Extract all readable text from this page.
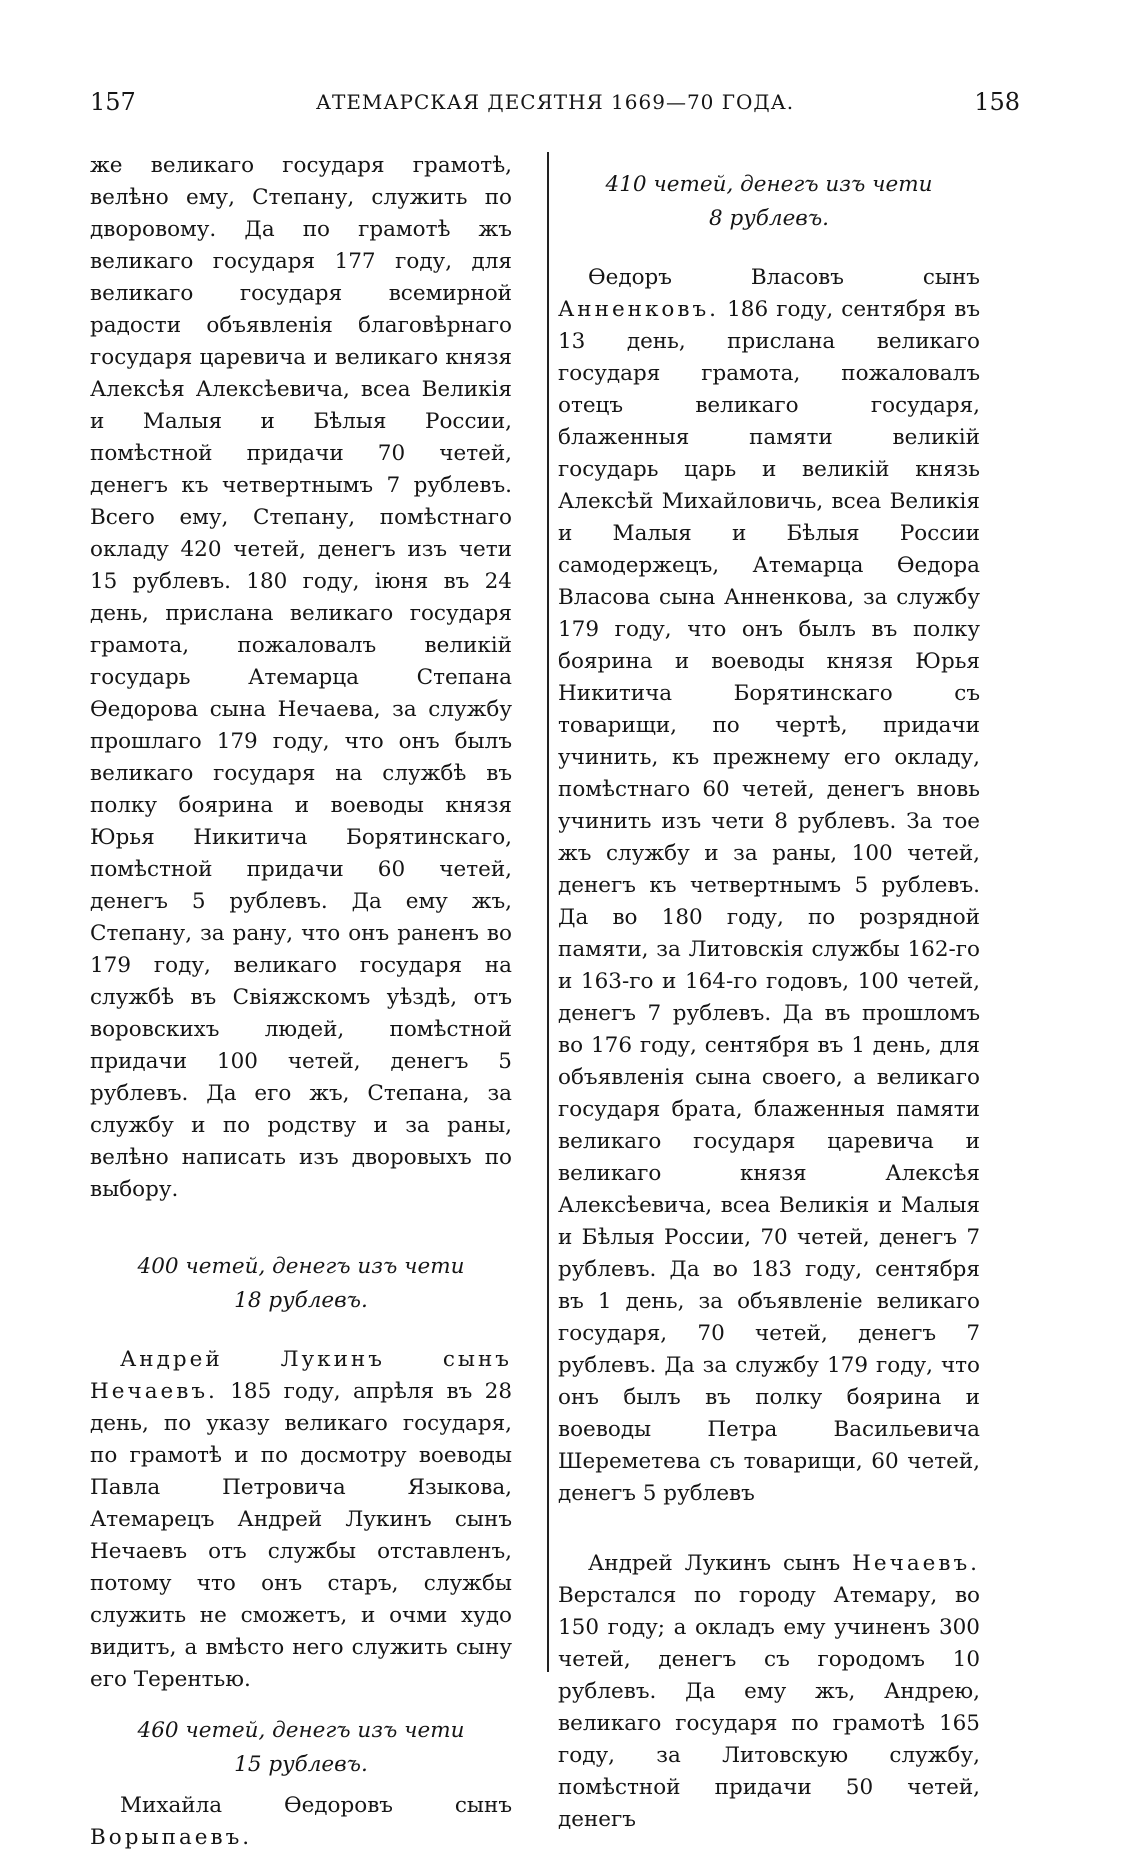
157	АТЕМАРСКАЯ ДЕСЯТНЯ 1669—70 ГОДА.	158

же великаго государя грамотѣ, велѣно ему, Степану, служить по дворовому. Да по грамотѣ жъ великаго государя 177 году, для великаго государя всемирной радости объявленія благовѣрнаго государя царевича и великаго князя Алексѣя Алексѣевича, всеа Великія и Малыя и Бѣлыя России, помѣстной придачи 70 четей, денегъ къ четвертнымъ 7 рублевъ. Всего ему, Степану, помѣстнаго окладу 420 четей, денегъ изъ чети 15 рублевъ. 180 году, іюня въ 24 день, прислана великаго государя грамота, пожаловалъ великій государь Атемарца Степана Ѳедорова сына Нечаева, за службу прошлаго 179 году, что онъ былъ великаго государя на службѣ въ полку боярина и воеводы князя Юрья Никитича Борятинскаго, помѣстной придачи 60 четей, денегъ 5 рублевъ. Да ему жъ, Степану, за рану, что онъ раненъ во 179 году, великаго государя на службѣ въ Свіяжскомъ уѣздѣ, отъ воровскихъ людей, помѣстной придачи 100 четей, денегъ 5 рублевъ. Да его жъ, Степана, за службу и по родству и за раны, велѣно написать изъ дворовыхъ по выбору.

400 четей, денегъ изъ чети 18 рублевъ.

Андрей Лукинъ сынъ Нечаевъ. 185 году, апрѣля въ 28 день, по указу великаго государя, по грамотѣ и по досмотру воеводы Павла Петровича Языкова, Атемарецъ Андрей Лукинъ сынъ Нечаевъ отъ службы отставленъ, потому что онъ старъ, службы служить не сможетъ, и очми худо видитъ, а вмѣсто него служить сыну его Терентью.

460 четей, денегъ изъ чети 15 рублевъ.

Михайла Ѳедоровъ сынъ Ворыпаевъ.

410 четей, денегъ изъ чети 8 рублевъ.

Ѳедоръ Власовъ сынъ Анненковъ. 186 году, сентября въ 13 день, прислана великаго государя грамота, пожаловалъ отецъ великаго государя, блаженныя памяти великій государь царь и великій князь Алексѣй Михайловичь, всеа Великія и Малыя и Бѣлыя России самодержецъ, Атемарца Ѳедора Власова сына Анненкова, за службу 179 году, что онъ былъ въ полку боярина и воеводы князя Юрья Никитича Борятинскаго съ товарищи, по чертѣ, придачи учинить, къ прежнему его окладу, помѣстнаго 60 четей, денегъ вновь учинить изъ чети 8 рублевъ. За тое жъ службу и за раны, 100 четей, денегъ къ четвертнымъ 5 рублевъ. Да во 180 году, по розрядной памяти, за Литовскія службы 162-го и 163-го и 164-го годовъ, 100 четей, денегъ 7 рублевъ. Да въ прошломъ во 176 году, сентября въ 1 день, для объявленія сына своего, а великаго государя брата, блаженныя памяти великаго государя царевича и великаго князя Алексѣя Алексѣевича, всеа Великія и Малыя и Бѣлыя России, 70 четей, денегъ 7 рублевъ. Да во 183 году, сентября въ 1 день, за объявленіе великаго государя, 70 четей, денегъ 7 рублевъ. Да за службу 179 году, что онъ былъ въ полку боярина и воеводы Петра Васильевича Шереметева съ товарищи, 60 четей, денегъ 5 рублевъ

Андрей Лукинъ сынъ Нечаевъ. Верстался по городу Атемару, во 150 году; а окладъ ему учиненъ 300 четей, денегъ съ городомъ 10 рублевъ. Да ему жъ, Андрею, великаго государя по грамотѣ 165 году, за Литовскую службу, помѣстной придачи 50 четей, денегъ
